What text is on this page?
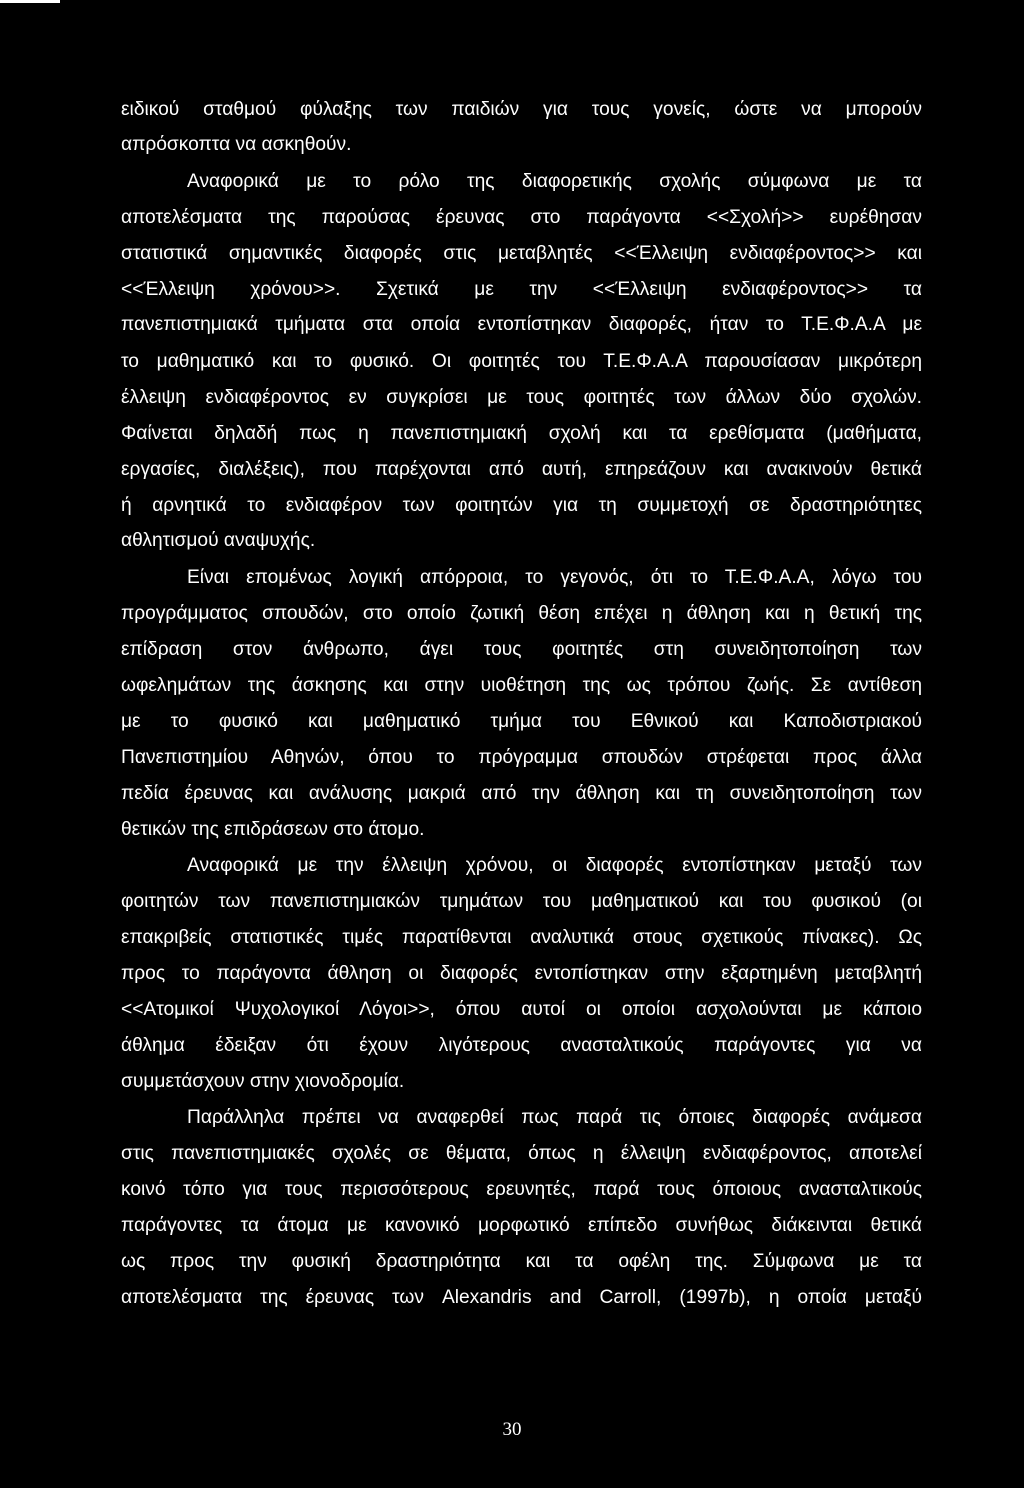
ειδικού σταθμού φύλαξης των παιδιών για τους γονείς, ώστε να μπορούν

απρόσκοπτα να ασκηθούν.

Αναφορικά με το ρόλο της διαφορετικής σχολής σύμφωνα με τα

αποτελέσματα της παρούσας έρευνας στο παράγοντα <<Σχολή>> ευρέθησαν

στατιστικά σημαντικές διαφορές στις μεταβλητές <<Έλλειψη ενδιαφέροντος>> και

<<Έλλειψη χρόνου>>. Σχετικά με την <<Έλλειψη ενδιαφέροντος>> τα

πανεπιστημιακά τμήματα στα οποία εντοπίστηκαν διαφορές, ήταν το Τ.Ε.Φ.Α.Α με

το μαθηματικό και το φυσικό. Οι φοιτητές του Τ.Ε.Φ.Α.Α παρουσίασαν μικρότερη

έλλειψη ενδιαφέροντος εν συγκρίσει με τους φοιτητές των άλλων δύο σχολών.

Φαίνεται δηλαδή πως η πανεπιστημιακή σχολή και τα ερεθίσματα (μαθήματα,

εργασίες, διαλέξεις), που παρέχονται από αυτή, επηρεάζουν και ανακινούν θετικά

ή αρνητικά το ενδιαφέρον των φοιτητών για τη συμμετοχή σε δραστηριότητες

αθλητισμού αναψυχής.

Είναι επομένως λογική απόρροια, το γεγονός, ότι το Τ.Ε.Φ.Α.Α, λόγω του

προγράμματος σπουδών, στο οποίο ζωτική θέση επέχει η άθληση και η θετική της

επίδραση στον άνθρωπο, άγει τους φοιτητές στη συνειδητοποίηση των

ωφελημάτων της άσκησης και στην υιοθέτηση της ως τρόπου ζωής. Σε αντίθεση

με το φυσικό και μαθηματικό τμήμα του Εθνικού και Καποδιστριακού

Πανεπιστημίου Αθηνών, όπου το πρόγραμμα σπουδών στρέφεται προς άλλα

πεδία έρευνας και ανάλυσης μακριά από την άθληση και τη συνειδητοποίηση των

θετικών της επιδράσεων στο άτομο.

Αναφορικά με την έλλειψη χρόνου, οι διαφορές εντοπίστηκαν μεταξύ των

φοιτητών των πανεπιστημιακών τμημάτων του μαθηματικού και του φυσικού (οι

επακριβείς στατιστικές τιμές παρατίθενται αναλυτικά στους σχετικούς πίνακες). Ως

προς το παράγοντα άθληση οι διαφορές εντοπίστηκαν στην εξαρτημένη μεταβλητή

<<Ατομικοί Ψυχολογικοί Λόγοι>>, όπου αυτοί οι οποίοι ασχολούνται με κάποιο

άθλημα έδειξαν ότι έχουν λιγότερους ανασταλτικούς παράγοντες για να

συμμετάσχουν στην χιονοδρομία.

Παράλληλα πρέπει να αναφερθεί πως παρά τις όποιες διαφορές ανάμεσα

στις πανεπιστημιακές σχολές σε θέματα, όπως η έλλειψη ενδιαφέροντος, αποτελεί

κοινό τόπο για τους περισσότερους ερευνητές, παρά τους όποιους ανασταλτικούς

παράγοντες τα άτομα με κανονικό μορφωτικό επίπεδο συνήθως διάκεινται θετικά

ως προς την φυσική δραστηριότητα και τα οφέλη της. Σύμφωνα με τα

αποτελέσματα της έρευνας των Alexandris and Carroll, (1997b), η οποία μεταξύ

30
